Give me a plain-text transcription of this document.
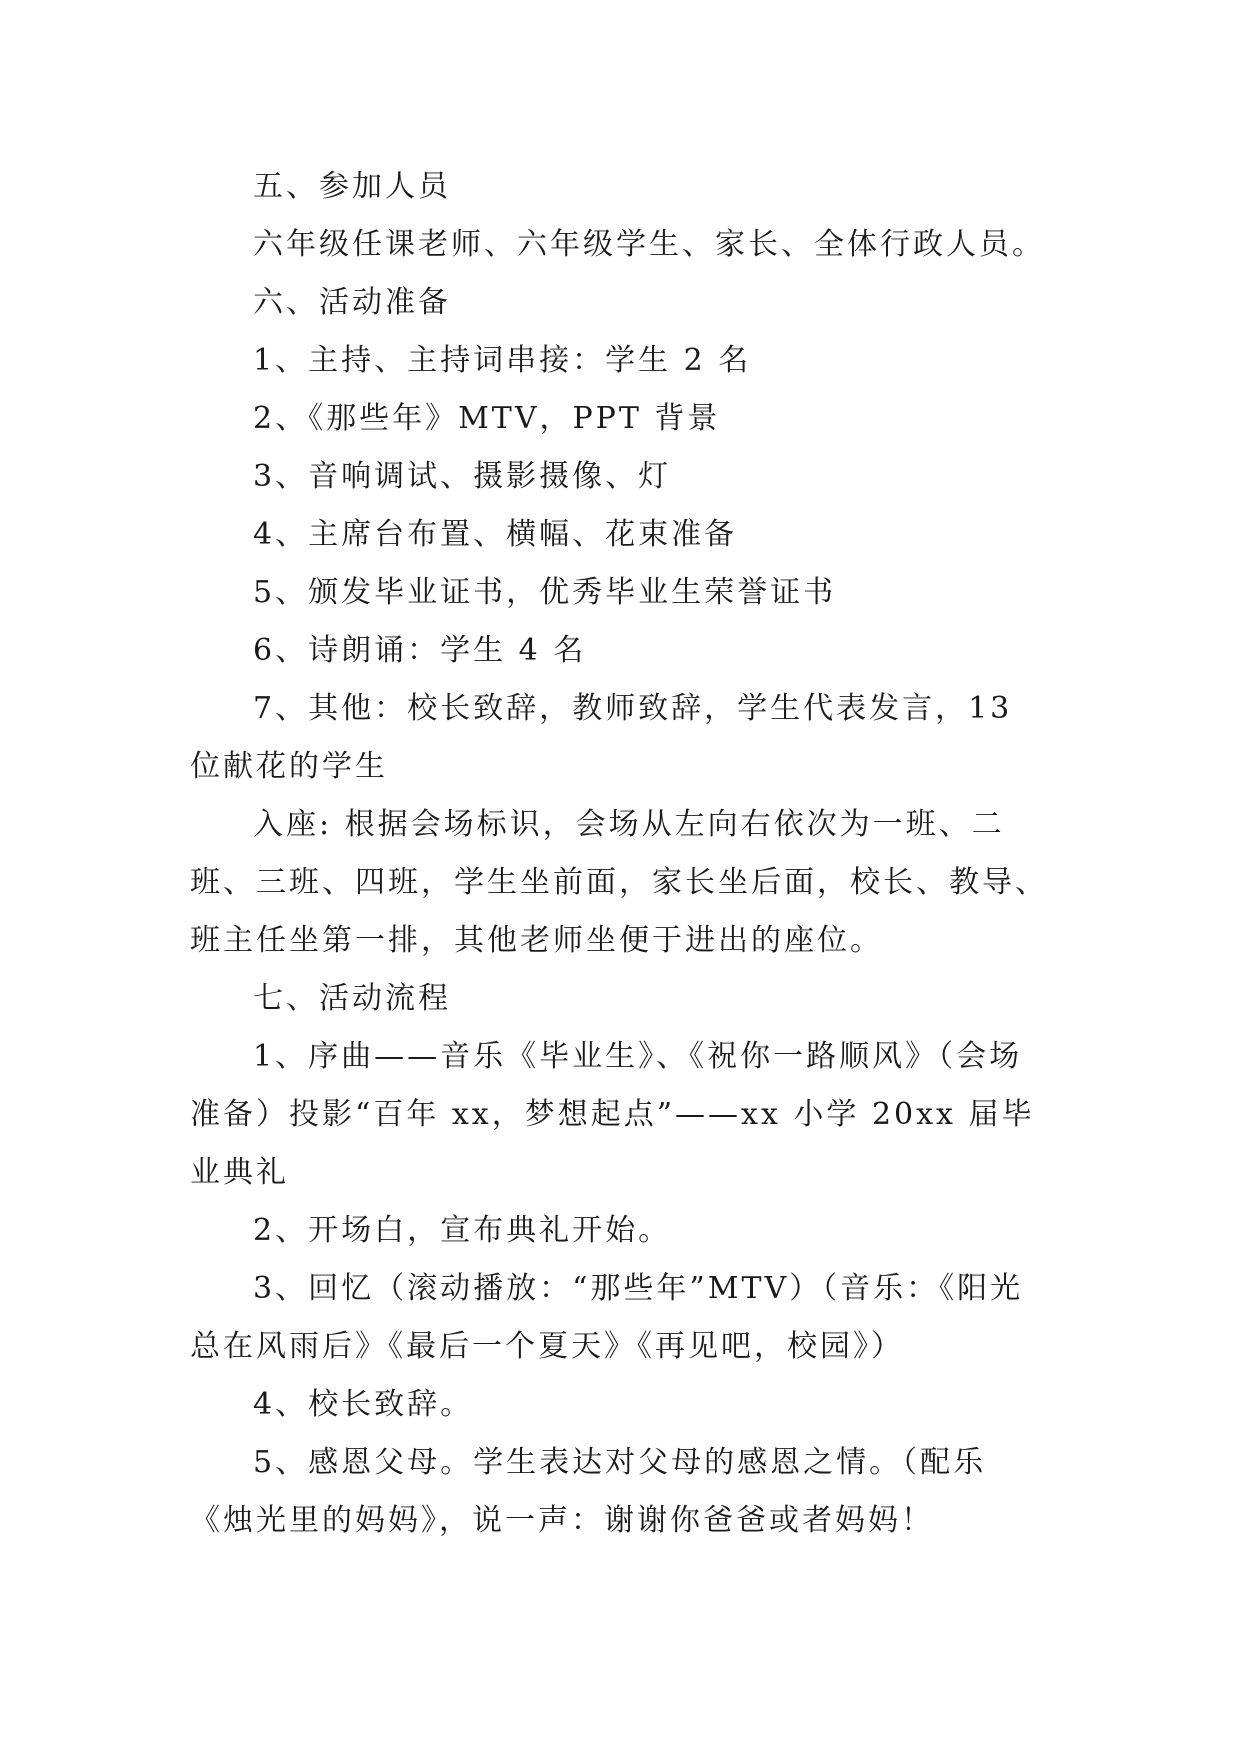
五、参加人员

六年级任课老师、六年级学生、家长、全体行政人员。

六、活动准备

1、主持、主持词串接：学生 2 名

2、《那些年》MTV，PPT 背景

3、音响调试、摄影摄像、灯

4、主席台布置、横幅、花束准备

5、颁发毕业证书，优秀毕业生荣誉证书

6、诗朗诵：学生 4 名

7、其他：校长致辞，教师致辞，学生代表发言，13 位献花的学生

入座: 根据会场标识，会场从左向右依次为一班、二班、三班、四班，学生坐前面，家长坐后面，校长、教导、班主任坐第一排，其他老师坐便于进出的座位。

七、活动流程

1、序曲——音乐《毕业生》、《祝你一路顺风》（会场准备）投影“百年 xx，梦想起点”——xx 小学 20xx 届毕业典礼

2、开场白，宣布典礼开始。

3、回忆（滚动播放：“那些年”MTV）（音乐：《阳光总在风雨后》《最后一个夏天》《再见吧，校园》）

4、校长致辞。

5、感恩父母。学生表达对父母的感恩之情。（配乐《烛光里的妈妈》，说一声：谢谢你爸爸或者妈妈！
